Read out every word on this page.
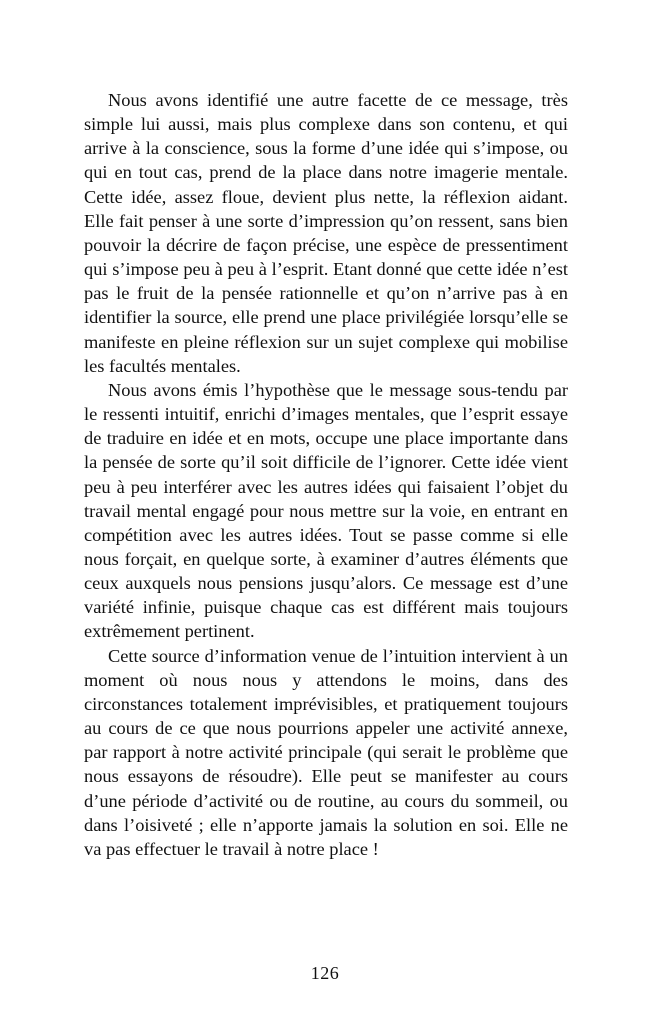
Nous avons identifié une autre facette de ce message, très simple lui aussi, mais plus complexe dans son contenu, et qui arrive à la conscience, sous la forme d’une idée qui s’impose, ou qui en tout cas, prend de la place dans notre imagerie mentale. Cette idée, assez floue, devient plus nette, la réflexion aidant. Elle fait penser à une sorte d’impression qu’on ressent, sans bien pouvoir la décrire de façon précise, une espèce de pressentiment qui s’impose peu à peu à l’esprit. Etant donné que cette idée n’est pas le fruit de la pensée rationnelle et qu’on n’arrive pas à en identifier la source, elle prend une place privilégiée lorsqu’elle se manifeste en pleine réflexion sur un sujet complexe qui mobilise les facultés mentales.

Nous avons émis l’hypothèse que le message sous-tendu par le ressenti intuitif, enrichi d’images mentales, que l’esprit essaye de traduire en idée et en mots, occupe une place importante dans la pensée de sorte qu’il soit difficile de l’ignorer. Cette idée vient peu à peu interférer avec les autres idées qui faisaient l’objet du travail mental engagé pour nous mettre sur la voie, en entrant en compétition avec les autres idées. Tout se passe comme si elle nous forçait, en quelque sorte, à examiner d’autres éléments que ceux auxquels nous pensions jusqu’alors. Ce message est d’une variété infinie, puisque chaque cas est différent mais toujours extrêmement pertinent.

Cette source d’information venue de l’intuition intervient à un moment où nous nous y attendons le moins, dans des circonstances totalement imprévisibles, et pratiquement toujours au cours de ce que nous pourrions appeler une activité annexe, par rapport à notre activité principale (qui serait le problème que nous essayons de résoudre). Elle peut se manifester au cours d’une période d’activité ou de routine, au cours du sommeil, ou dans l’oisiveté ; elle n’apporte jamais la solution en soi. Elle ne va pas effectuer le travail à notre place !

126
